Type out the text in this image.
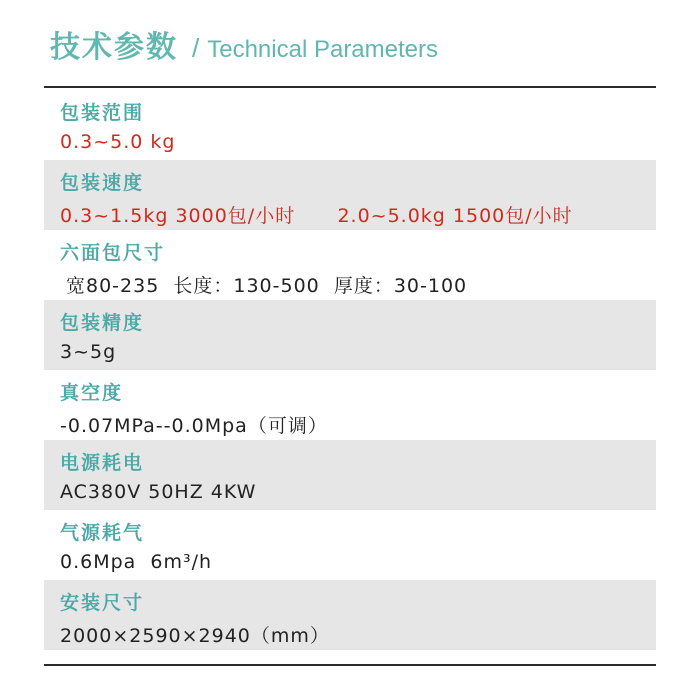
技术参数 / Technical Parameters
包装范围
0.3~5.0 kg
包装速度
0.3~1.5kg 3000包/小时      2.0~5.0kg 1500包/小时
六面包尺寸
宽80-235  长度：130-500  厚度：30-100
包装精度
3~5g
真空度
-0.07MPa--0.0Mpa（可调）
电源耗电
AC380V 50HZ 4KW
气源耗气
0.6Mpa  6m³/h
安装尺寸
2000×2590×2940（mm）
